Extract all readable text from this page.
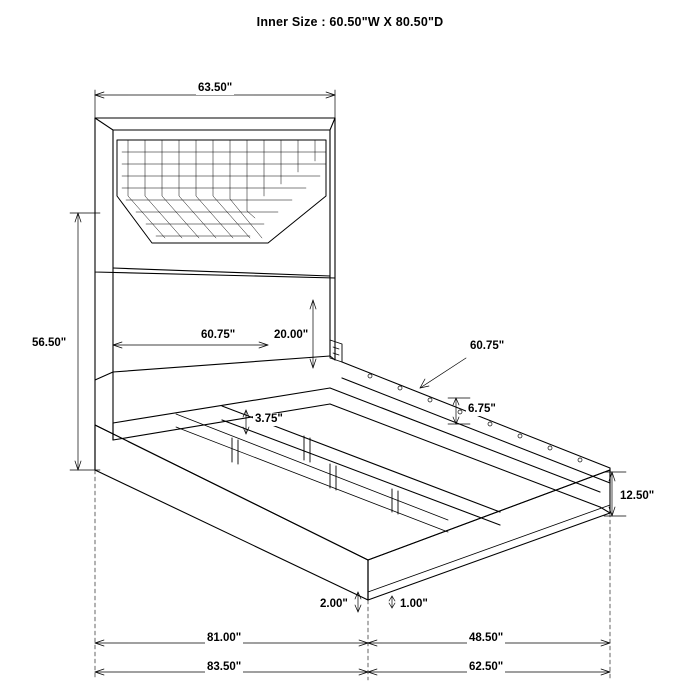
Inner Size : 60.50"W X 80.50"D
63.50"
56.50"
60.75"	20.00"
60.75"
6.75"
3.75"
12.50"
2.00"	1.00"
81.00"	48.50"
83.50"	62.50"
